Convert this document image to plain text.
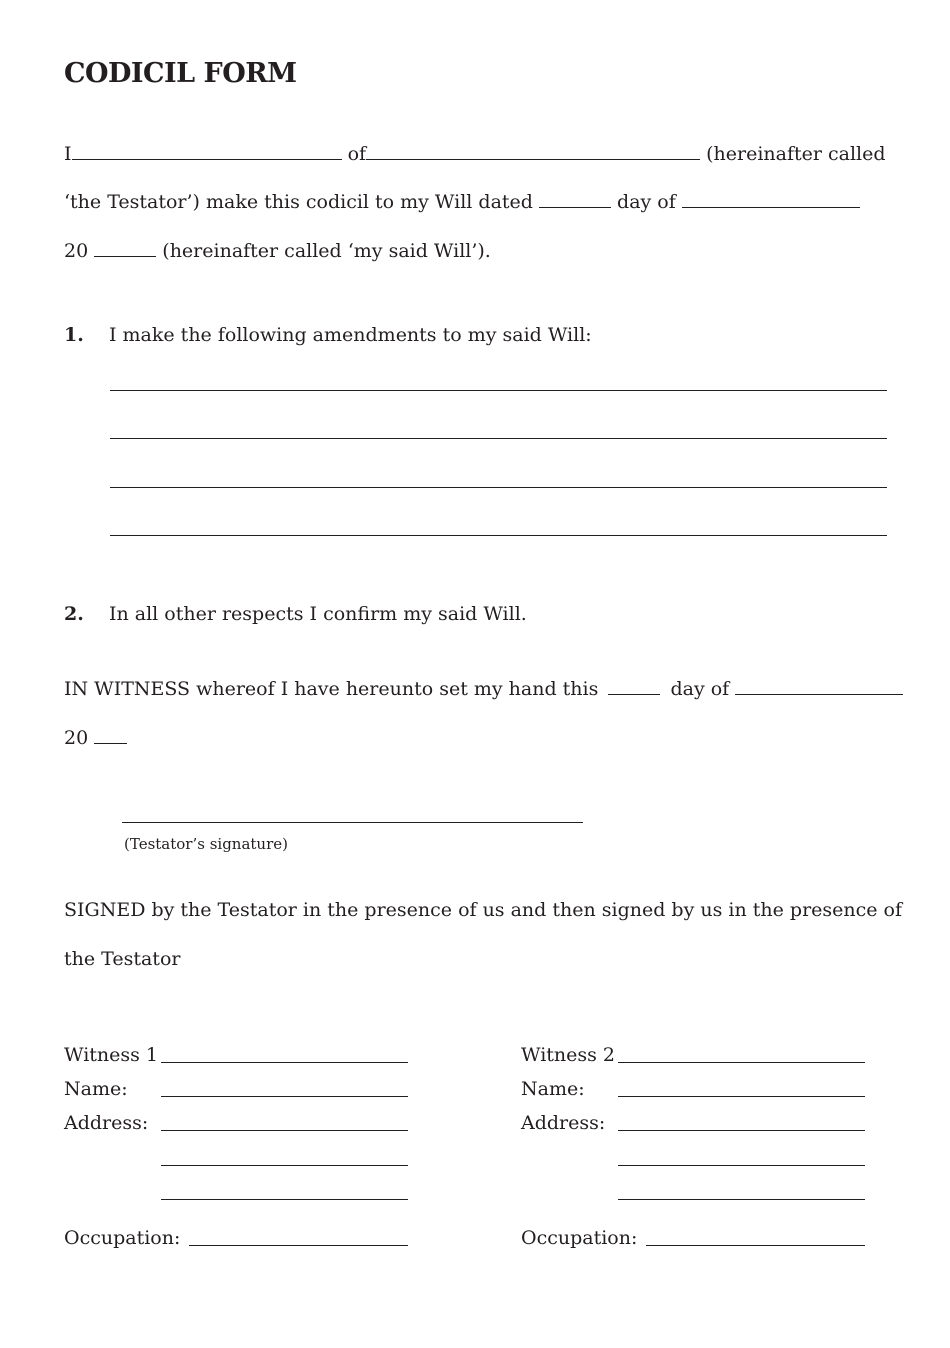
CODICIL FORM
I	of	(hereinafter called
‘the Testator’) make this codicil to my Will dated	day of
20	(hereinafter called ‘my said Will’).
1. I make the following amendments to my said Will:
2. In all other respects I confirm my said Will.
IN WITNESS whereof I have hereunto set my hand this	day of
20
(Testator’s signature)
SIGNED by the Testator in the presence of us and then signed by us in the presence of
the Testator
Witness 1
Name:
Address:
Occupation:
Witness 2
Name:
Address:
Occupation:
